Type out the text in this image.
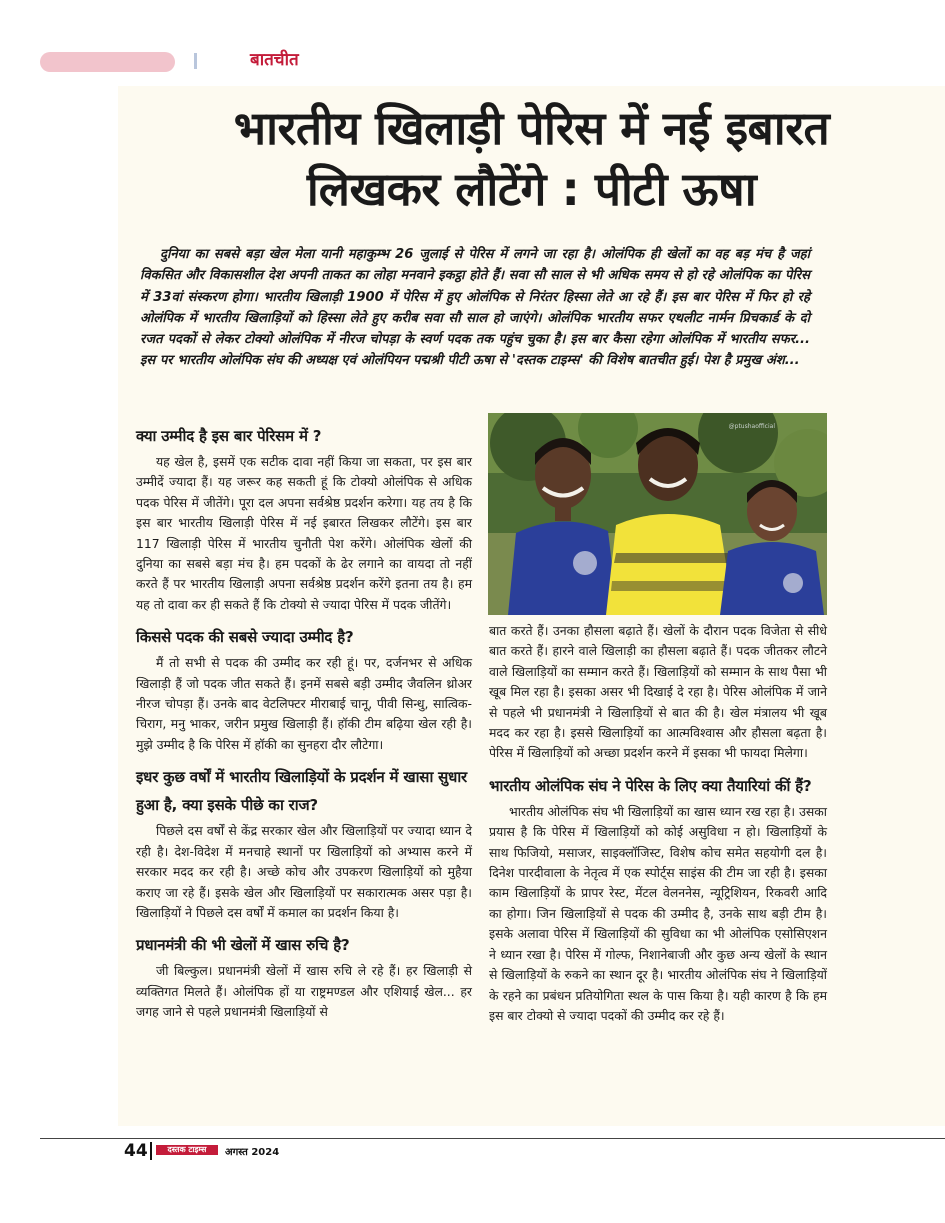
बातचीत
भारतीय खिलाड़ी पेरिस में नई इबारत
लिखकर लौटेंगे : पीटी ऊषा

दुनिया का सबसे बड़ा खेल मेला यानी महाकुम्भ 26 जुलाई से पेरिस में लगने जा रहा है। ओलंपिक ही खेलों का वह बड़ मंच है जहां विकसित और विकासशील देश अपनी ताकत का लोहा मनवाने इकट्ठा होते हैं। सवा सौ साल से भी अधिक समय से हो रहे ओलंपिक का पेरिस में 33वां संस्करण होगा। भारतीय खिलाड़ी 1900 में पेरिस में हुए ओलंपिक से निरंतर हिस्सा लेते आ रहे हैं। इस बार पेरिस में फिर हो रहे ओलंपिक में भारतीय खिलाड़ियों को हिस्सा लेते हुए करीब सवा सौ साल हो जाएंगे। ओलंपिक भारतीय सफर एथलीट नार्मन प्रिचकार्ड के दो रजत पदकों से लेकर टोक्यो ओलंपिक में नीरज चोपड़ा के स्वर्ण पदक तक पहुंच चुका है। इस बार कैसा रहेगा ओलंपिक में भारतीय सफर... इस पर भारतीय ओलंपिक संघ की अध्यक्ष एवं ओलंपियन पद्मश्री पीटी ऊषा से 'दस्तक टाइम्स' की विशेष बातचीत हुई। पेश है प्रमुख अंश...

क्या उम्मीद है इस बार पेरिसम में ?

यह खेल है, इसमें एक सटीक दावा नहीं किया जा सकता, पर इस बार उम्मीदें ज्यादा हैं। यह जरूर कह सकती हूं कि टोक्यो ओलंपिक से अधिक पदक पेरिस में जीतेंगे। पूरा दल अपना सर्वश्रेष्ठ प्रदर्शन करेगा। यह तय है कि इस बार भारतीय खिलाड़ी पेरिस में नई इबारत लिखकर लौटेंगे। इस बार 117 खिलाड़ी पेरिस में भारतीय चुनौती पेश करेंगे। ओलंपिक खेलों की दुनिया का सबसे बड़ा मंच है। हम पदकों के ढेर लगाने का वायदा तो नहीं करते हैं पर भारतीय खिलाड़ी अपना सर्वश्रेष्ठ प्रदर्शन करेंगे इतना तय है। हम यह तो दावा कर ही सकते हैं कि टोक्यो से ज्यादा पेरिस में पदक जीतेंगे।

किससे पदक की सबसे ज्यादा उम्मीद है?

मैं तो सभी से पदक की उम्मीद कर रही हूं। पर, दर्जनभर से अधिक खिलाड़ी हैं जो पदक जीत सकते हैं। इनमें सबसे बड़ी उम्मीद जैवलिन थ्रोअर नीरज चोपड़ा हैं। उनके बाद वेटलिफ्टर मीराबाई चानू, पीवी सिन्धु, सात्विक-चिराग, मनु भाकर, जरीन प्रमुख खिलाड़ी हैं। हॉकी टीम बढ़िया खेल रही है। मुझे उम्मीद है कि पेरिस में हॉकी का सुनहरा दौर लौटेगा।

इधर कुछ वर्षों में भारतीय खिलाड़ियों के प्रदर्शन में खासा सुधार हुआ है, क्या इसके पीछे का राज?

पिछले दस वर्षों से केंद्र सरकार खेल और खिलाड़ियों पर ज्यादा ध्यान दे रही है। देश-विदेश में मनचाहे स्थानों पर खिलाड़ियों को अभ्यास करने में सरकार मदद कर रही है। अच्छे कोच और उपकरण खिलाड़ियों को मुहैया कराए जा रहे हैं। इसके खेल और खिलाड़ियों पर सकारात्मक असर पड़ा है। खिलाड़ियों ने पिछले दस वर्षों में कमाल का प्रदर्शन किया है।

प्रधानमंत्री की भी खेलों में खास रुचि है?

जी बिल्कुल। प्रधानमंत्री खेलों में खास रुचि ले रहे हैं। हर खिलाड़ी से व्यक्तिगत मिलते हैं। ओलंपिक हों या राष्ट्रमण्डल और एशियाई खेल... हर जगह जाने से पहले प्रधानमंत्री खिलाड़ियों से

@ptushaofficial

बात करते हैं। उनका हौसला बढ़ाते हैं। खेलों के दौरान पदक विजेता से सीधे बात करते हैं। हारने वाले खिलाड़ी का हौसला बढ़ाते हैं। पदक जीतकर लौटने वाले खिलाड़ियों का सम्मान करते हैं। खिलाड़ियों को सम्मान के साथ पैसा भी खूब मिल रहा है। इसका असर भी दिखाई दे रहा है। पेरिस ओलंपिक में जाने से पहले भी प्रधानमंत्री ने खिलाड़ियों से बात की है। खेल मंत्रालय भी खूब मदद कर रहा है। इससे खिलाड़ियों का आत्मविश्वास और हौसला बढ़ता है। पेरिस में खिलाड़ियों को अच्छा प्रदर्शन करने में इसका भी फायदा मिलेगा।

भारतीय ओलंपिक संघ ने पेरिस के लिए क्या तैयारियां कीं हैं?

भारतीय ओलंपिक संघ भी खिलाड़ियों का खास ध्यान रख रहा है। उसका प्रयास है कि पेरिस में खिलाड़ियों को कोई असुविधा न हो। खिलाड़ियों के साथ फिजियो, मसाजर, साइक्लॉजिस्ट, विशेष कोच समेत सहयोगी दल है। दिनेश पारदीवाला के नेतृत्व में एक स्पोर्ट्स साइंस की टीम जा रही है। इसका काम खिलाड़ियों के प्रापर रेस्ट, मेंटल वेलननेस, न्यूट्रिशियन, रिकवरी आदि का होगा। जिन खिलाड़ियों से पदक की उम्मीद है, उनके साथ बड़ी टीम है। इसके अलावा पेरिस में खिलाड़ियों की सुविधा का भी ओलंपिक एसोसिएशन ने ध्यान रखा है। पेरिस में गोल्फ, निशानेबाजी और कुछ अन्य खेलों के स्थान से खिलाड़ियों के रुकने का स्थान दूर है। भारतीय ओलंपिक संघ ने खिलाड़ियों के रहने का प्रबंधन प्रतियोगिता स्थल के पास किया है। यही कारण है कि हम इस बार टोक्यो से ज्यादा पदकों की उम्मीद कर रहे हैं।

44	दस्तक टाइम्स	अगस्त 2024
